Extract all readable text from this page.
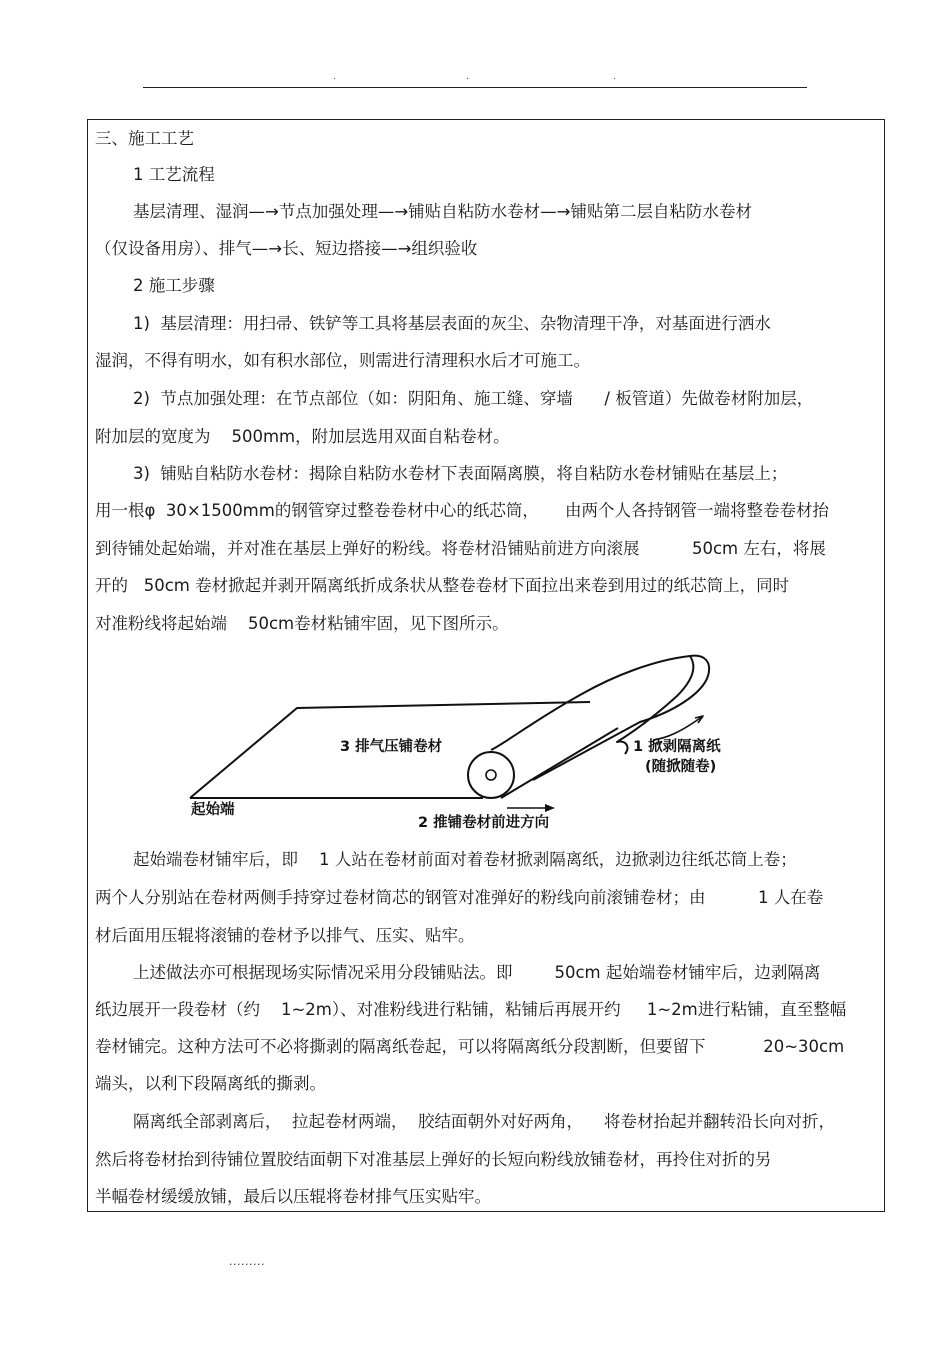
.	.	.
三、施工工艺
1 工艺流程
基层清理、湿润—→节点加强处理—→铺贴自粘防水卷材—→铺贴第二层自粘防水卷材
（仅设备用房）、排气—→长、短边搭接—→组织验收
2 施工步骤
1)  基层清理：用扫帚、铁铲等工具将基层表面的灰尘、杂物清理干净，对基面进行洒水
湿润，不得有明水，如有积水部位，则需进行清理积水后才可施工。
2)  节点加强处理：在节点部位（如：阴阳角、施工缝、穿墙      / 板管道）先做卷材附加层，
附加层的宽度为    500mm，附加层选用双面自粘卷材。
3)  铺贴自粘防水卷材：揭除自粘防水卷材下表面隔离膜，将自粘防水卷材铺贴在基层上；
用一根φ  30×1500mm的钢管穿过整卷卷材中心的纸芯筒，     由两个人各持钢管一端将整卷卷材抬
到待铺处起始端，并对准在基层上弹好的粉线。将卷材沿铺贴前进方向滚展          50cm 左右，将展
开的   50cm 卷材掀起并剥开隔离纸折成条状从整卷卷材下面拉出来卷到用过的纸芯筒上，同时
对准粉线将起始端    50cm卷材粘铺牢固，见下图所示。
3 排气压铺卷材	1 掀剥隔离纸
(随掀随卷)
起始端
2 推铺卷材前进方向
起始端卷材铺牢后，即    1 人站在卷材前面对着卷材掀剥隔离纸，边掀剥边往纸芯筒上卷；
两个人分别站在卷材两侧手持穿过卷材筒芯的钢管对准弹好的粉线向前滚铺卷材；由          1 人在卷
材后面用压辊将滚铺的卷材予以排气、压实、贴牢。
上述做法亦可根据现场实际情况采用分段铺贴法。即        50cm 起始端卷材铺牢后，边剥隔离
纸边展开一段卷材（约    1~2m）、对准粉线进行粘铺，粘铺后再展开约     1~2m进行粘铺，直至整幅
卷材铺完。这种方法可不必将撕剥的隔离纸卷起，可以将隔离纸分段割断，但要留下           20~30cm
端头，以利下段隔离纸的撕剥。
隔离纸全部剥离后，  拉起卷材两端，  胶结面朝外对好两角，    将卷材抬起并翻转沿长向对折，
然后将卷材抬到待铺位置胶结面朝下对准基层上弹好的长短向粉线放铺卷材，再拎住对折的另
半幅卷材缓缓放铺，最后以压辊将卷材排气压实贴牢。
.........
